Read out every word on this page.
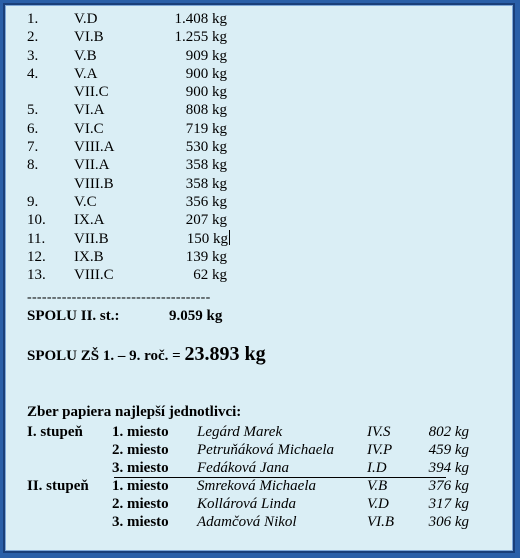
1. V.D	1.408 kg
2. VI.B	1.255 kg
3. V.B	909 kg
4. V.A	900 kg
VII.C	900 kg
5. VI.A	808 kg
6. VI.C	719 kg
7. VIII.A	530 kg
8. VII.A	358 kg
VIII.B	358 kg
9. V.C	356 kg
10. IX.A	207 kg
11. VII.B	150 kg
12. IX.B	139 kg
13. VIII.C	62 kg
-------------------------------------
SPOLU II. st.:	9.059 kg
SPOLU ZŠ 1. – 9. roč. = 23.893 kg
Zber papiera najlepší jednotlivci:
I. stupeň 1. miesto Legárd Marek	IV.S	802 kg
2. miesto Petruňáková Michaela IV.P 459 kg
3. miesto Fedáková Jana	I.D	394 kg
II. stupeň 1. miesto Smreková Michaela	V.B	376 kg
2. miesto Kollárová Linda	V.D	317 kg
3. miesto Adamčová Nikol	VI.B 306 kg
